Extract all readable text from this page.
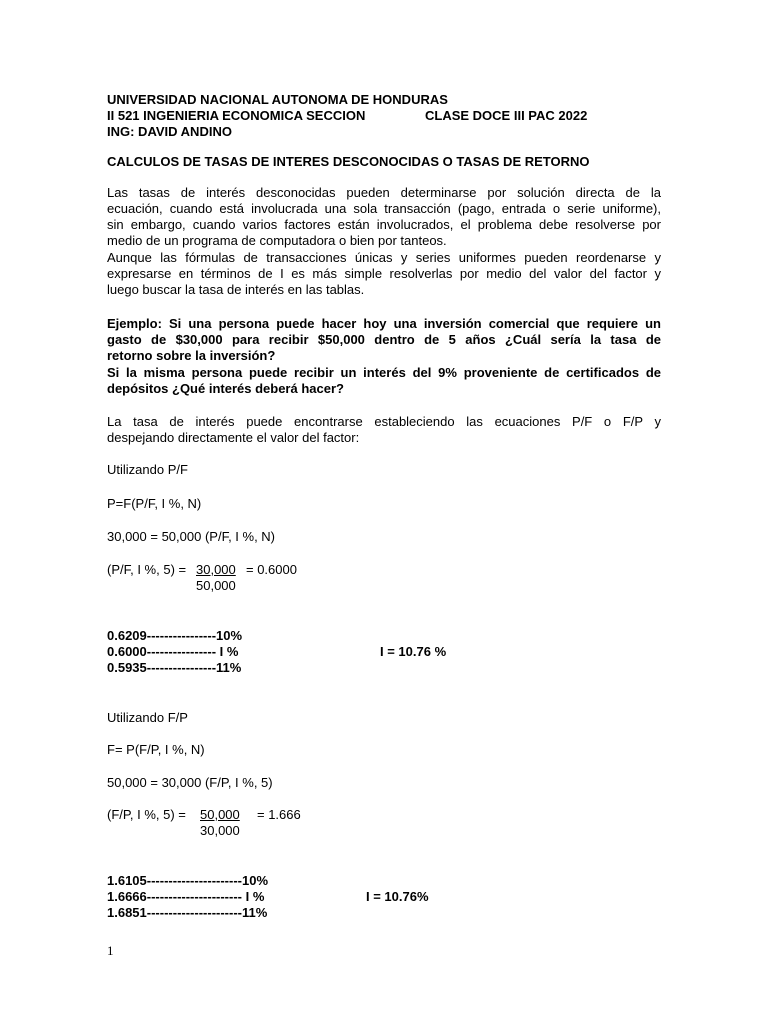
UNIVERSIDAD NACIONAL AUTONOMA DE HONDURAS
II 521 INGENIERIA ECONOMICA SECCION	CLASE DOCE III PAC 2022
ING: DAVID ANDINO
CALCULOS DE TASAS DE INTERES DESCONOCIDAS O TASAS DE RETORNO
Las tasas de interés desconocidas pueden determinarse por solución directa de la
ecuación, cuando está involucrada una sola transacción (pago, entrada o serie uniforme),
sin embargo, cuando varios factores están involucrados, el problema debe resolverse por
medio de un programa de computadora o bien por tanteos.
Aunque las fórmulas de transacciones únicas y series uniformes pueden reordenarse y
expresarse en términos de I es más simple resolverlas por medio del valor del factor y
luego buscar la tasa de interés en las tablas.
Ejemplo: Si una persona puede hacer hoy una inversión comercial que requiere un
gasto de $30,000 para recibir $50,000 dentro de 5 años ¿Cuál sería la tasa de
retorno sobre la inversión?
Si la misma persona puede recibir un interés del 9% proveniente de certificados de
depósitos ¿Qué interés deberá hacer?
La tasa de interés puede encontrarse estableciendo las ecuaciones P/F o F/P y
despejando directamente el valor del factor:
Utilizando P/F
P=F(P/F, I %, N)
30,000 = 50,000 (P/F, I %, N)
(P/F, I %, 5) = 30,000 = 0.6000
50,000
0.6209----------------10%
0.6000---------------- I %
0.5935----------------11%
I = 10.76 %
Utilizando F/P
F= P(F/P, I %, N)
50,000 = 30,000 (F/P, I %, 5)
(F/P, I %, 5) = 50,000 = 1.666
30,000
1.6105----------------------10%
1.6666---------------------- I %
1.6851----------------------11%
I = 10.76%
1
